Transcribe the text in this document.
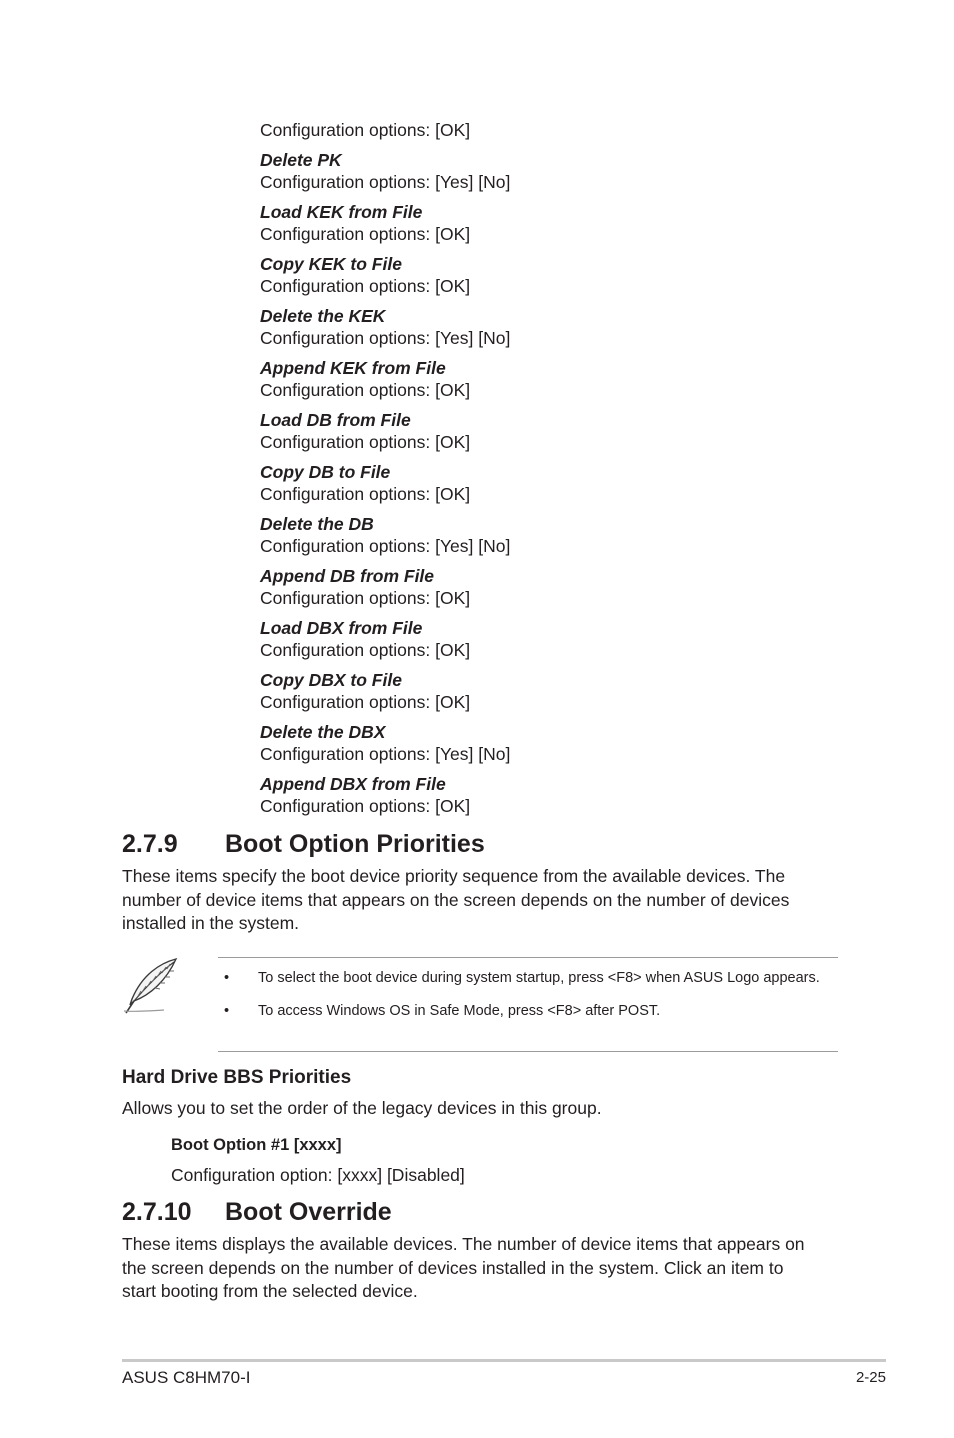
Configuration options: [OK]

Delete PK

Configuration options: [Yes] [No]

Load KEK from File

Configuration options: [OK]

Copy KEK to File

Configuration options: [OK]

Delete the KEK

Configuration options: [Yes] [No]

Append KEK from File

Configuration options: [OK]

Load DB from File

Configuration options: [OK]

Copy DB to File

Configuration options: [OK]

Delete the DB

Configuration options: [Yes] [No]

Append DB from File

Configuration options: [OK]

Load DBX from File

Configuration options: [OK]

Copy DBX to File

Configuration options: [OK]

Delete the DBX

Configuration options: [Yes] [No]

Append DBX from File

Configuration options: [OK]

2.7.9 Boot Option Priorities

These items specify the boot device priority sequence from the available devices. The number of device items that appears on the screen depends on the number of devices installed in the system.

• To select the boot device during system startup, press <F8> when ASUS Logo appears.
• To access Windows OS in Safe Mode, press <F8> after POST.
Hard Drive BBS Priorities

Allows you to set the order of the legacy devices in this group.

Boot Option #1 [xxxx]

Configuration option: [xxxx] [Disabled]

2.7.10 Boot Override

These items displays the available devices. The number of device items that appears on the screen depends on the number of devices installed in the system. Click an item to start booting from the selected device.

ASUS C8HM70-I	2-25
